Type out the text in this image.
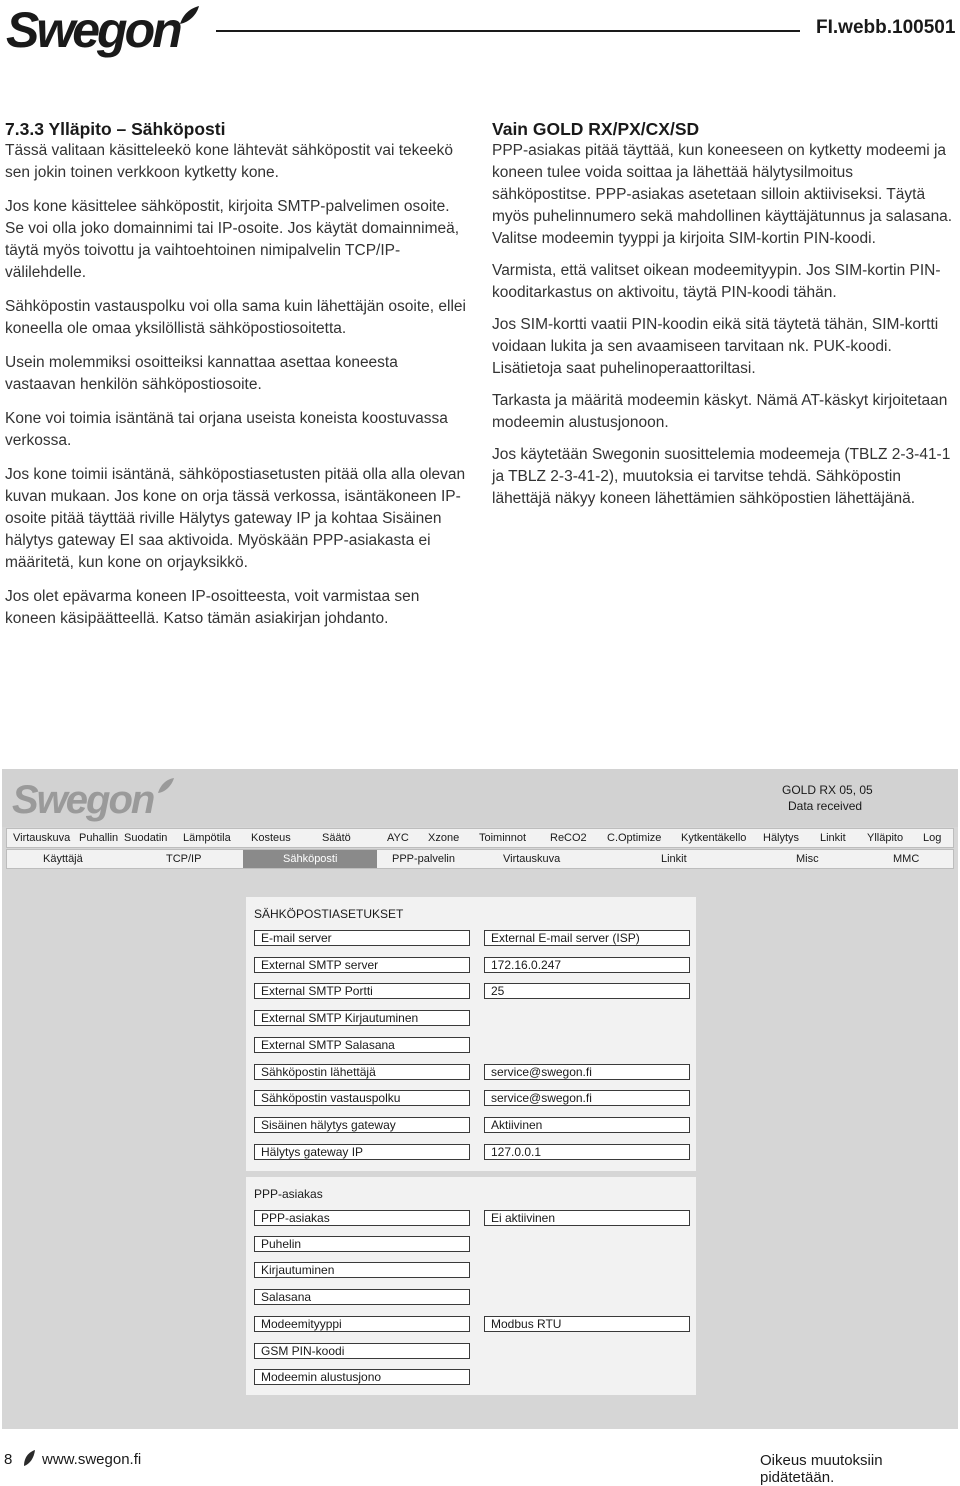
Swegon	FI.webb.100501
7.3.3 Ylläpito – Sähköposti

Tässä valitaan käsitteleekö kone lähtevät sähköpostit vai tekeekö sen jokin toinen verkkoon kytketty kone.

Jos kone käsittelee sähköpostit, kirjoita SMTP-palvelimen osoite. Se voi olla joko domainnimi tai IP-osoite. Jos käytät domainnimeä, täytä myös toivottu ja vaihtoehtoinen nimipalvelin TCP/IP-välilehdelle.

Sähköpostin vastauspolku voi olla sama kuin lähettäjän osoite, ellei koneella ole omaa yksilöllistä sähköpostiosoitetta.

Usein molemmiksi osoitteiksi kannattaa asettaa koneesta vastaavan henkilön sähköpostiosoite.

Kone voi toimia isäntänä tai orjana useista koneista koostuvassa verkossa.

Jos kone toimii isäntänä, sähköpostiasetusten pitää olla alla olevan kuvan mukaan. Jos kone on orja tässä verkossa, isäntäkoneen IP-osoite pitää täyttää riville Hälytys gateway IP ja kohtaa Sisäinen hälytys gateway EI saa aktivoida. Myöskään PPP-asiakasta ei määritetä, kun kone on orjayksikkö.

Jos olet epävarma koneen IP-osoitteesta, voit varmistaa sen koneen käsipäätteellä. Katso tämän asiakirjan johdanto.

Vain GOLD RX/PX/CX/SD

PPP-asiakas pitää täyttää, kun koneeseen on kytketty modeemi ja koneen tulee voida soittaa ja lähettää hälytysilmoitus sähköpostitse. PPP-asiakas asetetaan silloin aktiiviseksi. Täytä myös puhelinnumero sekä mahdollinen käyttäjätunnus ja salasana. Valitse modeemin tyyppi ja kirjoita SIM-kortin PIN-koodi.

Varmista, että valitset oikean modeemityypin. Jos SIM-kortin PIN-kooditarkastus on aktivoitu, täytä PIN-koodi tähän.

Jos SIM-kortti vaatii PIN-koodin eikä sitä täytetä tähän, SIM-kortti voidaan lukita ja sen avaamiseen tarvitaan nk. PUK-koodi. Lisätietoja saat puhelinoperaattoriltasi.

Tarkasta ja määritä modeemin käskyt. Nämä AT-käskyt kirjoitetaan modeemin alustusjonoon.

Jos käytetään Swegonin suosittelemia modeemeja (TBLZ 2-3-41-1 ja TBLZ 2-3-41-2), muutoksia ei tarvitse tehdä. Sähköpostin lähettäjä näkyy koneen lähettämien sähköpostien lähettäjänä.

Swegon	GOLD RX 05, 05
Data received
Virtauskuva Puhallin Suodatin Lämpötila Kosteus	Säätö	AYC Xzone Toiminnot ReCO2 C.Optimize Kytkentäkello Hälytys Linkit Ylläpito Log
Käyttäjä	TCP/IP	Sähköposti	PPP-palvelin	Virtauskuva	Linkit	Misc	MMC
SÄHKÖPOSTIASETUKSET
E-mail server	External E-mail server (ISP)
External SMTP server	172.16.0.247
External SMTP Portti	25
External SMTP Kirjautuminen
External SMTP Salasana
Sähköpostin lähettäjä	service@swegon.fi
Sähköpostin vastauspolku	service@swegon.fi
Sisäinen hälytys gateway	Aktiivinen
Hälytys gateway IP	127.0.0.1
PPP-asiakas
PPP-asiakas	Ei aktiivinen
Puhelin
Kirjautuminen
Salasana
Modeemityyppi	Modbus RTU
GSM PIN-koodi
Modeemin alustusjono
8 www.swegon.fi	Oikeus muutoksiin pidätetään.
